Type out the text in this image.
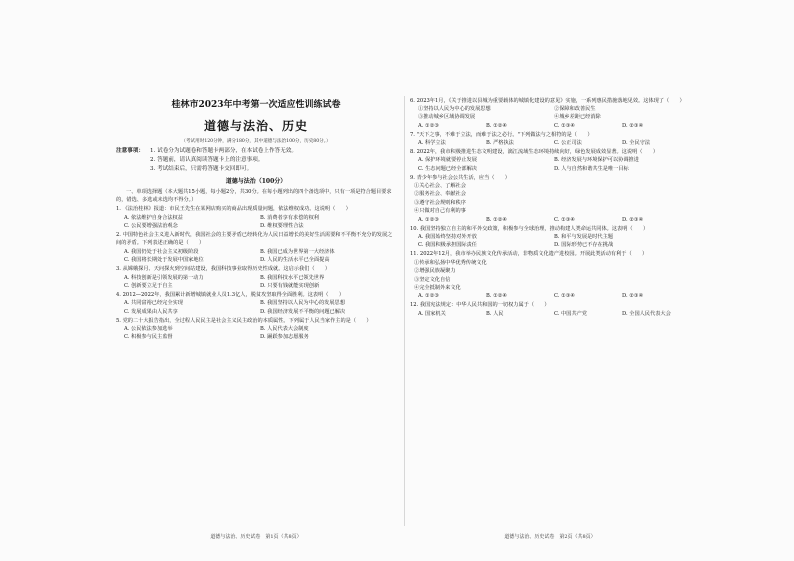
桂林市2023年中考第一次适应性训练试卷
道德与法治、历史
（考试用时120分钟，满分180分，其中道德与法治100分，历史80分。）
注意事项：	1. 试卷分为试题卷和答题卡两部分，在本试卷上作答无效。
2. 答题前，请认真阅读答题卡上的注意事项。
3. 考试结束后，只需将答题卡交回即可。
道德与法治（100分）
一、单项选择题（本大题共15小题，每小题2分，共30分。在每小题列出的四个备选项中，只有一项是符合题目要求的，错选、多选或未选均不得分。）
1. 《法治桂林》报道：市民王先生在某网店购买的商品出现质量问题，依法维权成功。这说明（　　）
A. 依法维护自身合法权益	B. 消费者享有求偿的权利
C. 公民要增强法治观念	D. 维权要理性合法
2. 中国特色社会主义进入新时代，我国社会的主要矛盾已经转化为人民日益增长的美好生活需要和不平衡不充分的发展之间的矛盾。下列表述正确的是（　　）
A. 我国仍处于社会主义初级阶段	B. 我国已成为世界第一大经济体
C. 我国将长期处于发展中国家地位	D. 人民的生活水平已全面提高
3. 从嫦娥探月、天问探火到空间站建设，我国科技事业取得历史性成就。这启示我们（　　）
A. 科技创新是引领发展的第一动力	B. 我国科技水平已领先世界
C. 创新要立足于自主	D. 只要有钱就能实现创新
4. 2012—2022年，我国累计新增城镇就业人员1.3亿人，脱贫攻坚取得全面胜利。这表明（　　）
A. 共同富裕已经完全实现	B. 我国坚持以人民为中心的发展思想
C. 发展成果由人民共享	D. 我国经济发展不平衡的问题已解决
5. 党的二十大报告指出，全过程人民民主是社会主义民主政治的本质属性。下列属于人民当家作主的是（　　）
A. 公民依法参加选举	B. 人民代表大会制度
C. 积极参与民主监督	D. 踊跃参加志愿服务
6. 2023年1月，《关于推进以县城为重要载体的城镇化建设的意见》实施，一系列惠民措施落地见效。这体现了（　　）
①坚持以人民为中心的发展思想	②保障和改善民生
③推动城乡区域协调发展	④城乡差距已经消除
A. ①②③	B. ①②④	C. ①③④	D. ②③④
7. "天下之事，不难于立法，而难于法之必行。"下列做法与之相符的是（　　）
A. 科学立法	B. 严格执法	C. 公正司法	D. 全民守法
8. 2022年，我市积极推进生态文明建设，漓江流域生态环境持续向好，绿色发展成效显著。这说明（　　）
A. 保护环境就要停止发展	B. 经济发展与环境保护可以协调推进
C. 生态问题已经全部解决	D. 人与自然和谐共生是唯一目标
9. 青少年参与社会公共生活，应当（　　）
①关心社会、了解社会
②服务社会、奉献社会
③遵守社会规则和秩序
④只做对自己有利的事
A. ①②③	B. ①②④	C. ①③④	D. ②③④
10. 我国坚持独立自主的和平外交政策，积极参与全球治理，推动构建人类命运共同体。这表明（　　）
A. 我国始终坚持对外开放	B. 和平与发展是时代主题
C. 我国积极承担国际责任	D. 国际形势已不存在挑战
11. 2022年12月，我市举办民族文化传承活动，非物质文化遗产进校园。开展此类活动有利于（　　）
①传承和弘扬中华优秀传统文化
②增强民族凝聚力
③坚定文化自信
④完全抵制外来文化
A. ①②③	B. ①②④	C. ①③④	D. ②③④
12. 我国宪法规定：中华人民共和国的一切权力属于（　　）
A. 国家机关	B. 人民	C. 中国共产党	D. 全国人民代表大会
道德与法治、历史试卷　第1页（共8页）	道德与法治、历史试卷　第2页（共8页）
